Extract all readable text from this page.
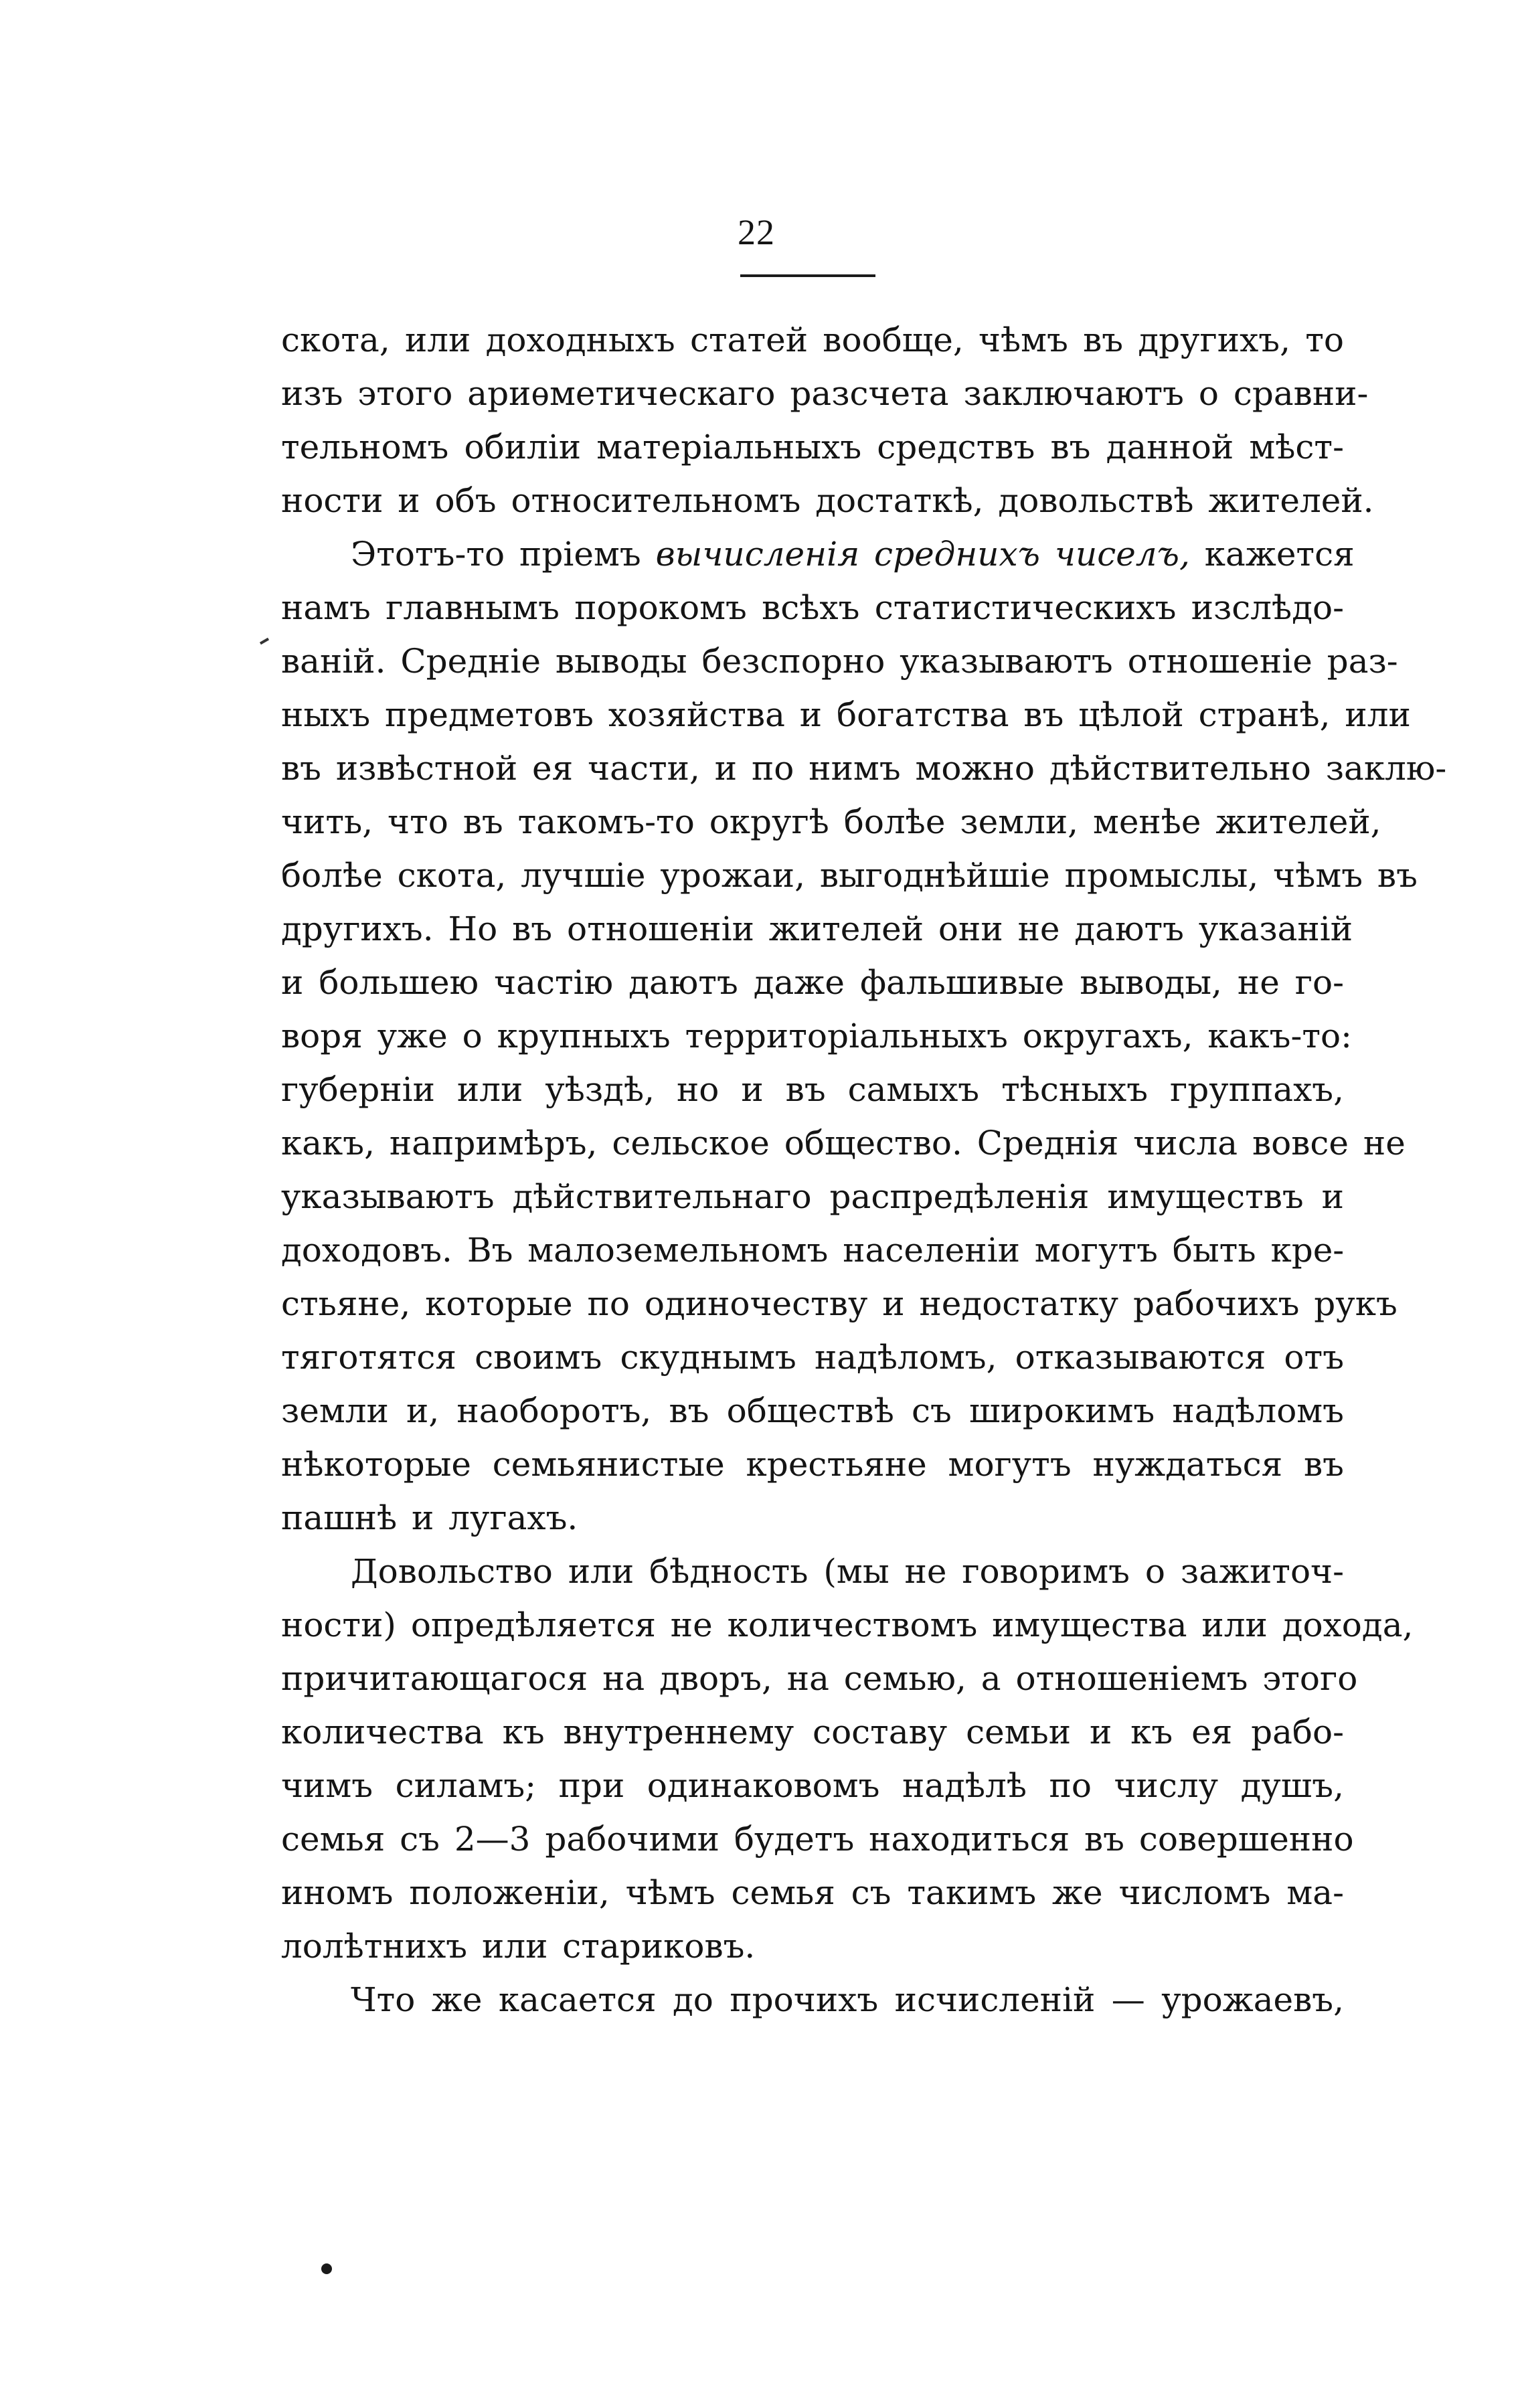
22

скота, или доходныхъ статей вообще, чѣмъ въ другихъ, то
изъ этого ариѳметическаго разсчета заключаютъ о сравни-
тельномъ обиліи матеріальныхъ средствъ въ данной мѣст-
ности и объ относительномъ достаткѣ, довольствѣ жителей.

Этотъ-то пріемъ вычисленія среднихъ чиселъ, кажется
намъ главнымъ порокомъ всѣхъ статистическихъ изслѣдо-
ваній. Средніе выводы безспорно указываютъ отношеніе раз-
ныхъ предметовъ хозяйства и богатства въ цѣлой странѣ, или
въ извѣстной ея части, и по нимъ можно дѣйствительно заклю-
чить, что въ такомъ-то округѣ болѣе земли, менѣе жителей,
болѣе скота, лучшіе урожаи, выгоднѣйшіе промыслы, чѣмъ въ
другихъ. Но въ отношеніи жителей они не даютъ указаній
и большею частію даютъ даже фальшивые выводы, не го-
воря уже о крупныхъ территоріальныхъ округахъ, какъ-то:
губерніи или уѣздѣ, но и въ самыхъ тѣсныхъ группахъ,
какъ, напримѣръ, сельское общество. Среднія числа вовсе не
указываютъ дѣйствительнаго распредѣленія имуществъ и
доходовъ. Въ малоземельномъ населеніи могутъ быть кре-
стьяне, которые по одиночеству и недостатку рабочихъ рукъ
тяготятся своимъ скуднымъ надѣломъ, отказываются отъ
земли и, наоборотъ, въ обществѣ съ широкимъ надѣломъ
нѣкоторые семьянистые крестьяне могутъ нуждаться въ
пашнѣ и лугахъ.

Довольство или бѣдность (мы не говоримъ о зажиточ-
ности) опредѣляется не количествомъ имущества или дохода,
причитающагося на дворъ, на семью, а отношеніемъ этого
количества къ внутреннему составу семьи и къ ея рабо-
чимъ силамъ; при одинаковомъ надѣлѣ по числу душъ,
семья съ 2—3 рабочими будетъ находиться въ совершенно
иномъ положеніи, чѣмъ семья съ такимъ же числомъ ма-
лолѣтнихъ или стариковъ.

Что же касается до прочихъ исчисленій — урожаевъ,
